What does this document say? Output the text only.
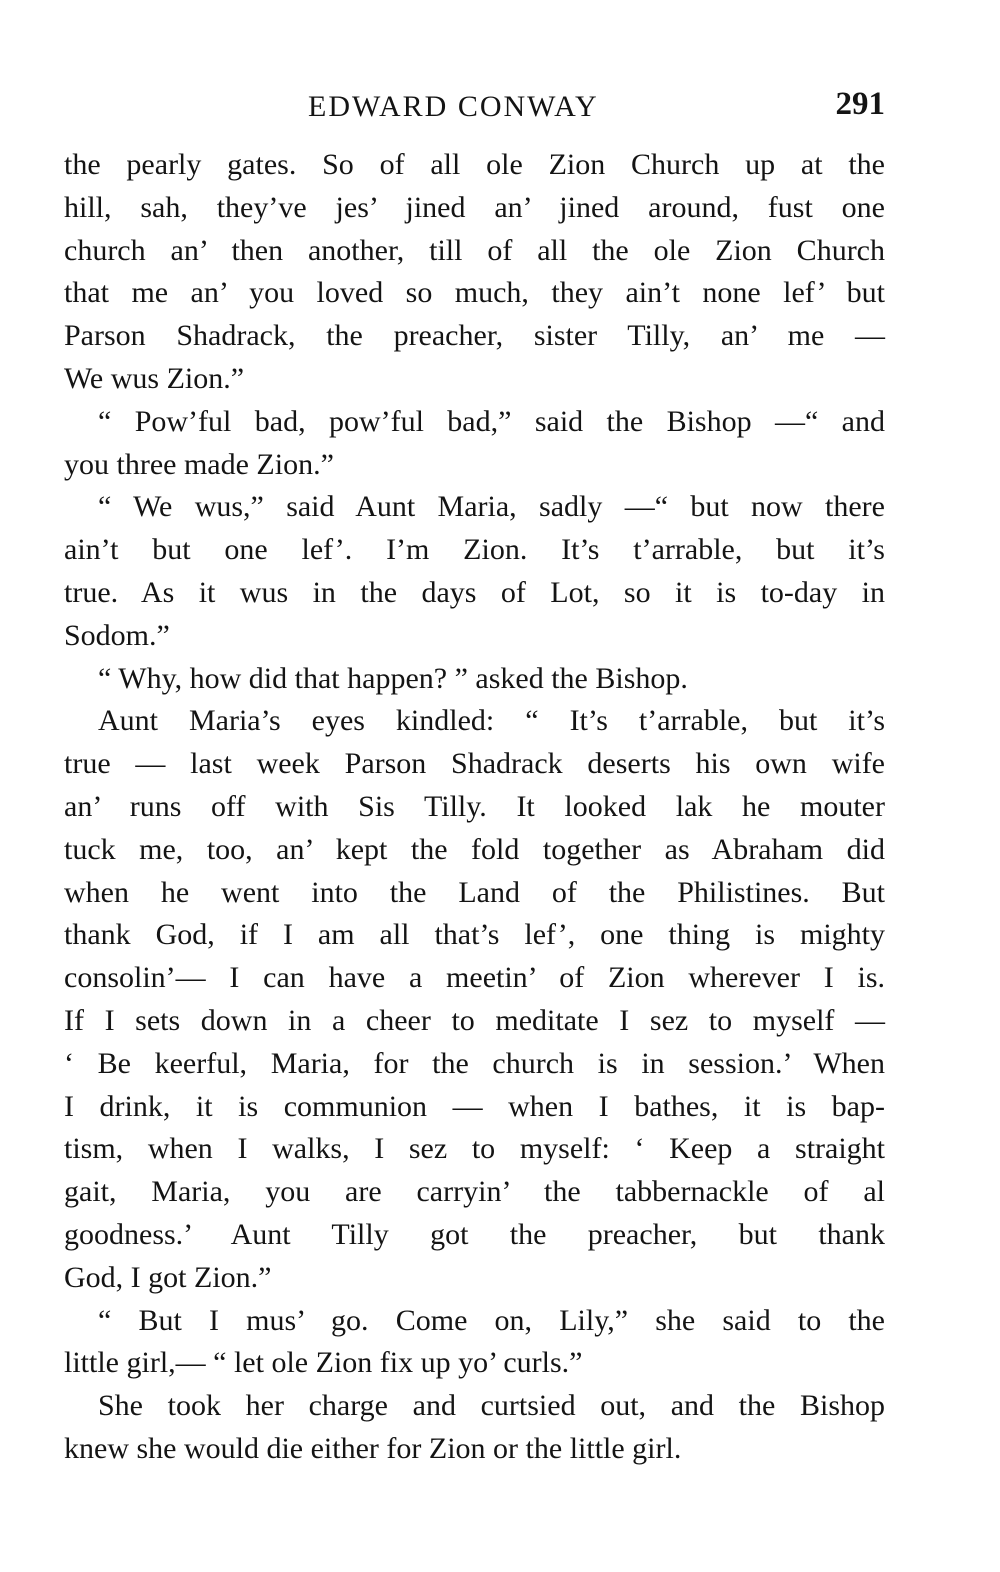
EDWARD CONWAY	291
the pearly gates. So of all ole Zion Church up at the
hill, sah, they’ve jes’ jined an’ jined around, fust one
church an’ then another, till of all the ole Zion Church
that me an’ you loved so much, they ain’t none lef’ but
Parson Shadrack, the preacher, sister Tilly, an’ me —
We wus Zion.”
“ Pow’ful bad, pow’ful bad,” said the Bishop —“ and
you three made Zion.”
“ We wus,” said Aunt Maria, sadly —“ but now there
ain’t but one lef’. I’m Zion. It’s t’arrable, but it’s
true. As it wus in the days of Lot, so it is to-day in
Sodom.”
“ Why, how did that happen? ” asked the Bishop.
Aunt Maria’s eyes kindled: “ It’s t’arrable, but it’s
true — last week Parson Shadrack deserts his own wife
an’ runs off with Sis Tilly. It looked lak he mouter
tuck me, too, an’ kept the fold together as Abraham did
when he went into the Land of the Philistines. But
thank God, if I am all that’s lef’, one thing is mighty
consolin’— I can have a meetin’ of Zion wherever I is.
If I sets down in a cheer to meditate I sez to myself —
‘ Be keerful, Maria, for the church is in session.’ When
I drink, it is communion — when I bathes, it is bap-
tism, when I walks, I sez to myself: ‘ Keep a straight
gait, Maria, you are carryin’ the tabbernackle of al
goodness.’ Aunt Tilly got the preacher, but thank
God, I got Zion.”
“ But I mus’ go. Come on, Lily,” she said to the
little girl,— “ let ole Zion fix up yo’ curls.”
She took her charge and curtsied out, and the Bishop
knew she would die either for Zion or the little girl.
